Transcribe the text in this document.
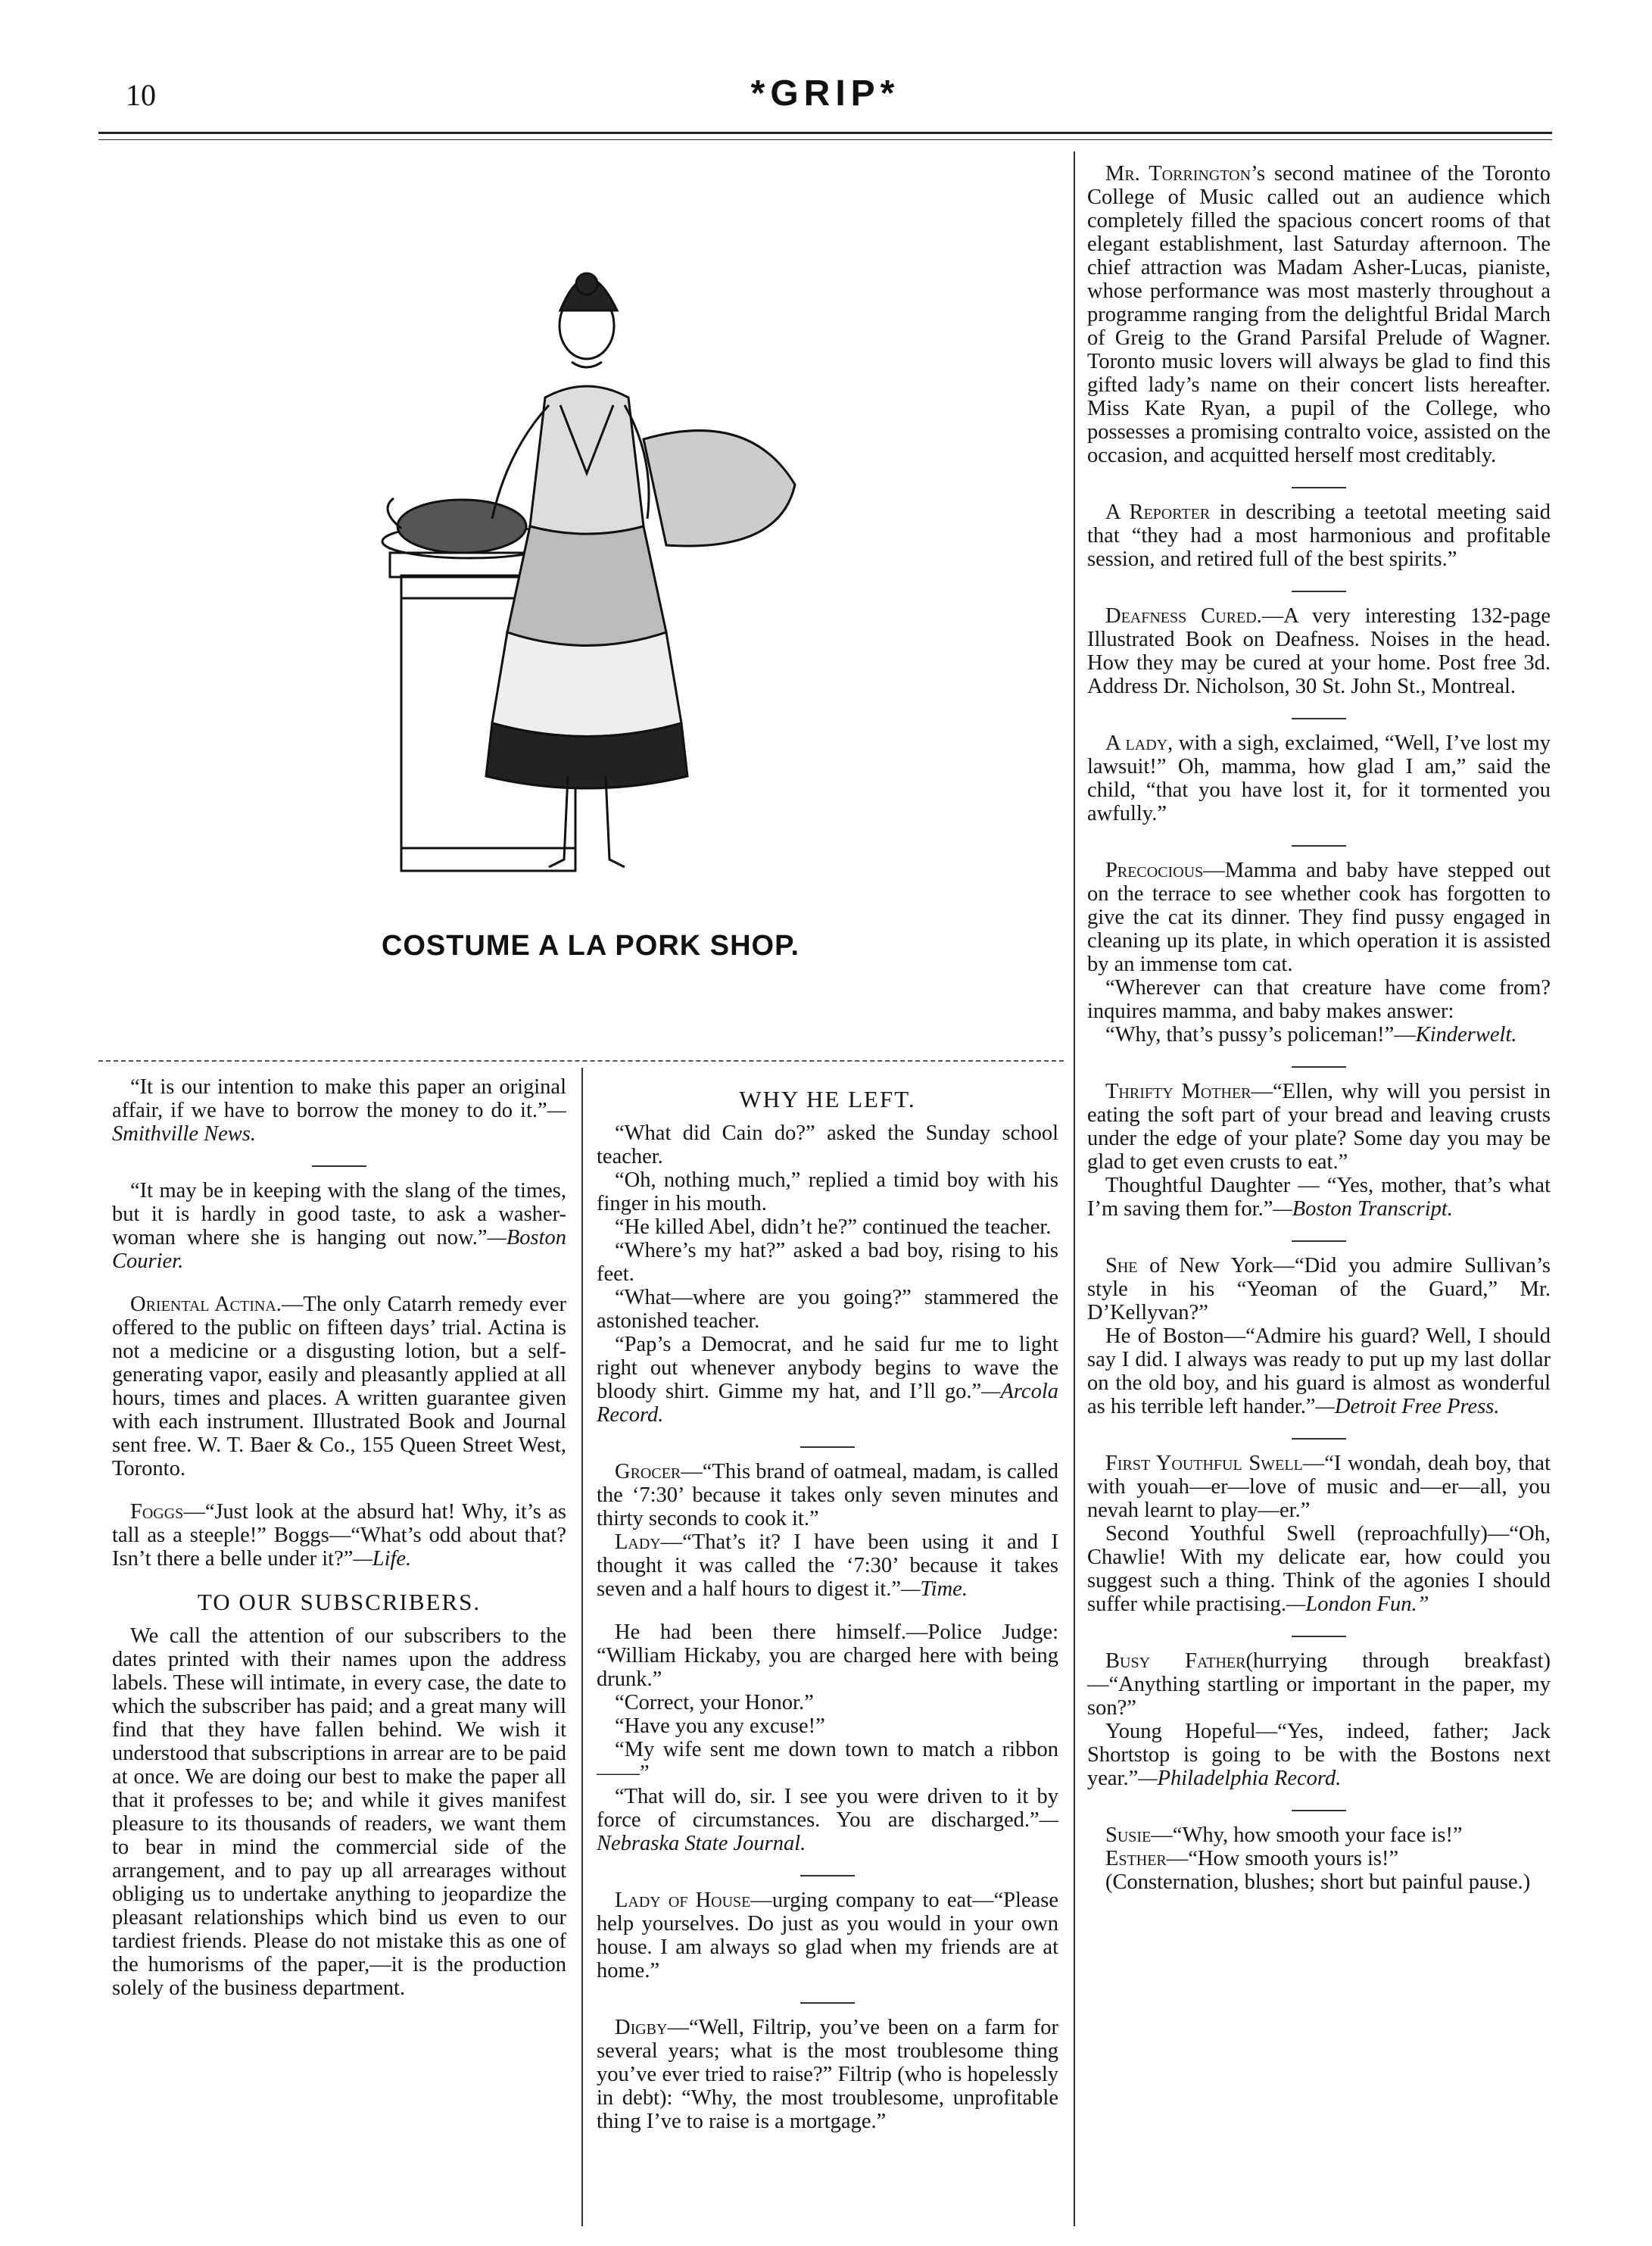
10	*GRIP*
COSTUME A LA PORK SHOP.

“It is our intention to make this paper an original affair, if we have to borrow the money to do it.”—Smithville News.

“It may be in keeping with the slang of the times, but it is hardly in good taste, to ask a washer-woman where she is hanging out now.”—Boston Courier.

Oriental Actina.—The only Catarrh remedy ever offered to the public on fifteen days’ trial. Actina is not a medicine or a disgusting lotion, but a self-generating vapor, easily and pleasantly applied at all hours, times and places. A written guarantee given with each instrument. Illustrated Book and Journal sent free. W. T. Baer & Co., 155 Queen Street West, Toronto.

Foggs—“Just look at the absurd hat! Why, it’s as tall as a steeple!” Boggs—“What’s odd about that? Isn’t there a belle under it?”—Life.

TO OUR SUBSCRIBERS.

We call the attention of our subscribers to the dates printed with their names upon the address labels. These will intimate, in every case, the date to which the subscriber has paid; and a great many will find that they have fallen behind. We wish it understood that subscriptions in arrear are to be paid at once. We are doing our best to make the paper all that it professes to be; and while it gives manifest pleasure to its thousands of readers, we want them to bear in mind the commercial side of the arrangement, and to pay up all arrearages without obliging us to undertake anything to jeopardize the pleasant relationships which bind us even to our tardiest friends. Please do not mistake this as one of the humorisms of the paper,—it is the production solely of the business department.

WHY HE LEFT.

“What did Cain do?” asked the Sunday school teacher.

“Oh, nothing much,” replied a timid boy with his finger in his mouth.

“He killed Abel, didn’t he?” continued the teacher.

“Where’s my hat?” asked a bad boy, rising to his feet.

“What—where are you going?” stammered the astonished teacher.

“Pap’s a Democrat, and he said fur me to light right out whenever anybody begins to wave the bloody shirt. Gimme my hat, and I’ll go.”—Arcola Record.

Grocer—“This brand of oatmeal, madam, is called the ‘7:30’ because it takes only seven minutes and thirty seconds to cook it.”

Lady—“That’s it? I have been using it and I thought it was called the ‘7:30’ because it takes seven and a half hours to digest it.”—Time.

He had been there himself.—Police Judge: “William Hickaby, you are charged here with being drunk.”

“Correct, your Honor.”

“Have you any excuse!”

“My wife sent me down town to match a ribbon——”

“That will do, sir. I see you were driven to it by force of circumstances. You are discharged.”—Nebraska State Journal.

Lady of House—urging company to eat—“Please help yourselves. Do just as you would in your own house. I am always so glad when my friends are at home.”

Digby—“Well, Filtrip, you’ve been on a farm for several years; what is the most troublesome thing you’ve ever tried to raise?” Filtrip (who is hopelessly in debt): “Why, the most troublesome, unprofitable thing I’ve to raise is a mortgage.”

Mr. Torrington’s second matinee of the Toronto College of Music called out an audience which completely filled the spacious concert rooms of that elegant establishment, last Saturday afternoon. The chief attraction was Madam Asher-Lucas, pianiste, whose performance was most masterly throughout a programme ranging from the delightful Bridal March of Greig to the Grand Parsifal Prelude of Wagner. Toronto music lovers will always be glad to find this gifted lady’s name on their concert lists hereafter. Miss Kate Ryan, a pupil of the College, who possesses a promising contralto voice, assisted on the occasion, and acquitted herself most creditably.

A Reporter in describing a teetotal meeting said that “they had a most harmonious and profitable session, and retired full of the best spirits.”

Deafness Cured.—A very interesting 132-page Illustrated Book on Deafness. Noises in the head. How they may be cured at your home. Post free 3d. Address Dr. Nicholson, 30 St. John St., Montreal.

A lady, with a sigh, exclaimed, “Well, I’ve lost my lawsuit!” Oh, mamma, how glad I am,” said the child, “that you have lost it, for it tormented you awfully.”

Precocious—Mamma and baby have stepped out on the terrace to see whether cook has forgotten to give the cat its dinner. They find pussy engaged in cleaning up its plate, in which operation it is assisted by an immense tom cat.

“Wherever can that creature have come from? inquires mamma, and baby makes answer:

“Why, that’s pussy’s policeman!”—Kinderwelt.

Thrifty Mother—“Ellen, why will you persist in eating the soft part of your bread and leaving crusts under the edge of your plate? Some day you may be glad to get even crusts to eat.”

Thoughtful Daughter — “Yes, mother, that’s what I’m saving them for.”—Boston Transcript.

She of New York—“Did you admire Sullivan’s style in his “Yeoman of the Guard,” Mr. D’Kellyvan?”

He of Boston—“Admire his guard? Well, I should say I did. I always was ready to put up my last dollar on the old boy, and his guard is almost as wonderful as his terrible left hander.”—Detroit Free Press.

First Youthful Swell—“I wondah, deah boy, that with youah—er—love of music and—er—all, you nevah learnt to play—er.”

Second Youthful Swell (reproachfully)—“Oh, Chawlie! With my delicate ear, how could you suggest such a thing. Think of the agonies I should suffer while practising.—London Fun.”

Busy Father(hurrying through breakfast)—“Anything startling or important in the paper, my son?”

Young Hopeful—“Yes, indeed, father; Jack Shortstop is going to be with the Bostons next year.”—Philadelphia Record.

Susie—“Why, how smooth your face is!”

Esther—“How smooth yours is!”

(Consternation, blushes; short but painful pause.)
